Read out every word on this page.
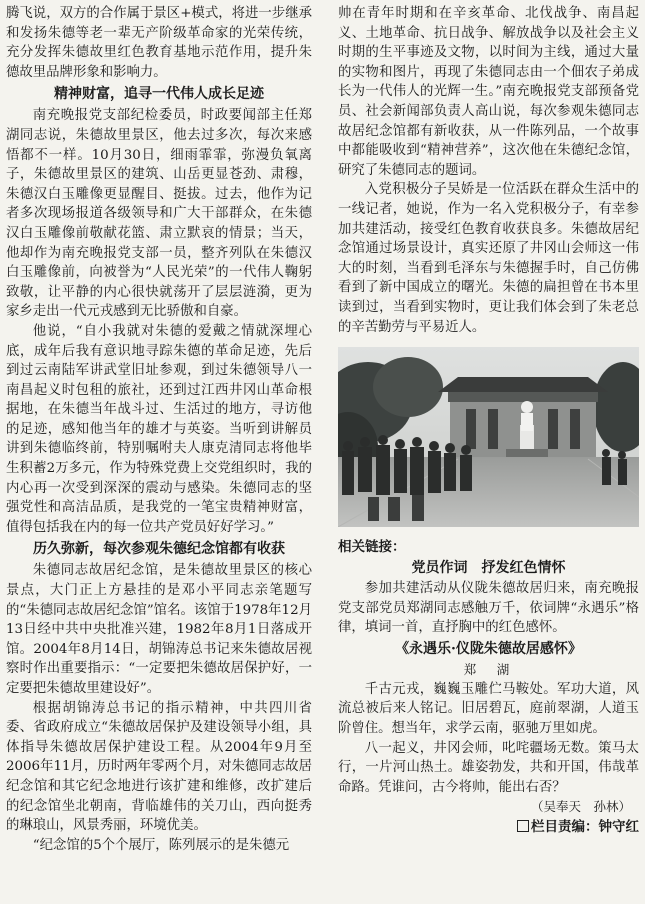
腾飞说，双方的合作属于景区+模式，将进一步继承和发扬朱德等老一辈无产阶级革命家的光荣传统，充分发挥朱德故里红色教育基地示范作用，提升朱德故里品牌形象和影响力。

精神财富，追寻一代伟人成长足迹

南充晚报党支部纪检委员，时政要闻部主任郑湖同志说，朱德故里景区，他去过多次，每次来感悟都不一样。10月30日，细雨霏霏，弥漫负氧离子，朱德故里景区的建筑、山岳更显苍劲、肃穆，朱德汉白玉雕像更显醒目、挺拔。过去，他作为记者多次现场报道各级领导和广大干部群众，在朱德汉白玉雕像前敬献花篮、肃立默哀的情景；当天，他却作为南充晚报党支部一员，整齐列队在朱德汉白玉雕像前，向被誉为“人民光荣”的一代伟人鞠躬致敬，让平静的内心很快就荡开了层层涟漪，更为家乡走出一代元戎感到无比骄傲和自豪。

他说，“自小我就对朱德的爱戴之情就深埋心底，成年后我有意识地寻踪朱德的革命足迹，先后到过云南陆军讲武堂旧址参观，到过朱德领导八一南昌起义时包租的旅社，还到过江西井冈山革命根据地，在朱德当年战斗过、生活过的地方，寻访他的足迹，感知他当年的雄才与英姿。当听到讲解员讲到朱德临终前，特别嘱咐夫人康克清同志将他毕生积蓄2万多元，作为特殊党费上交党组织时，我的内心再一次受到深深的震动与感染。朱德同志的坚强党性和高洁品质，是我党的一笔宝贵精神财富，值得包括我在内的每一位共产党员好好学习。”

历久弥新，每次参观朱德纪念馆都有收获

朱德同志故居纪念馆，是朱德故里景区的核心景点，大门正上方悬挂的是邓小平同志亲笔题写的“朱德同志故居纪念馆”馆名。该馆于1978年12月13日经中共中央批准兴建，1982年8月1日落成开馆。2004年8月14日，胡锦涛总书记来朱德故居视察时作出重要指示：“一定要把朱德故居保护好，一定要把朱德故里建设好”。

根据胡锦涛总书记的指示精神，中共四川省委、省政府成立“朱德故居保护及建设领导小组，具体指导朱德故居保护建设工程。从2004年9月至2006年11月，历时两年零两个月，对朱德同志故居纪念馆和其它纪念地进行该扩建和维修，改扩建后的纪念馆坐北朝南，背临雄伟的关刀山，西向挺秀的琳琅山，风景秀丽，环境优美。

“纪念馆的5个个展厅，陈列展示的是朱德元

帅在青年时期和在辛亥革命、北伐战争、南昌起义、土地革命、抗日战争、解放战争以及社会主义时期的生平事迹及文物，以时间为主线，通过大量的实物和图片，再现了朱德同志由一个佃农子弟成长为一代伟人的光辉一生。”南充晚报党支部预备党员、社会新闻部负责人高山说，每次参观朱德同志故居纪念馆都有新收获，从一件陈列品，一个故事中都能吸收到“精神营养”，这次他在朱德纪念馆，研究了朱德同志的题词。

入党积极分子吴娇是一位活跃在群众生活中的一线记者，她说，作为一名入党积极分子，有幸参加共建活动，接受红色教育收获良多。朱德故居纪念馆通过场景设计，真实还原了井冈山会师这一伟大的时刻，当看到毛泽东与朱德握手时，自己仿佛看到了新中国成立的曙光。朱德的扁担曾在书本里读到过，当看到实物时，更让我们体会到了朱老总的辛苦勤劳与平易近人。

相关链接：
党员作词　抒发红色情怀

参加共建活动从仪陇朱德故居归来，南充晚报党支部党员郑湖同志感触万千，依词牌“永遇乐”格律，填词一首，直抒胸中的红色感怀。

《永遇乐·仪陇朱德故居感怀》
郑　湖

千古元戎，巍巍玉雕伫马鞍处。军功大道，风流总被后来人铭记。旧居碧瓦，庭前翠湖，人道玉阶曾住。想当年，求学云南，驱驰万里如虎。

八一起义，井冈会师，叱咤疆场无数。策马太行，一片河山热土。雄姿勃发，共和开国，伟哉革命路。凭谁问，古今将帅，能出右否？

（吴奉天　孙林）
栏目责编：钟守红
